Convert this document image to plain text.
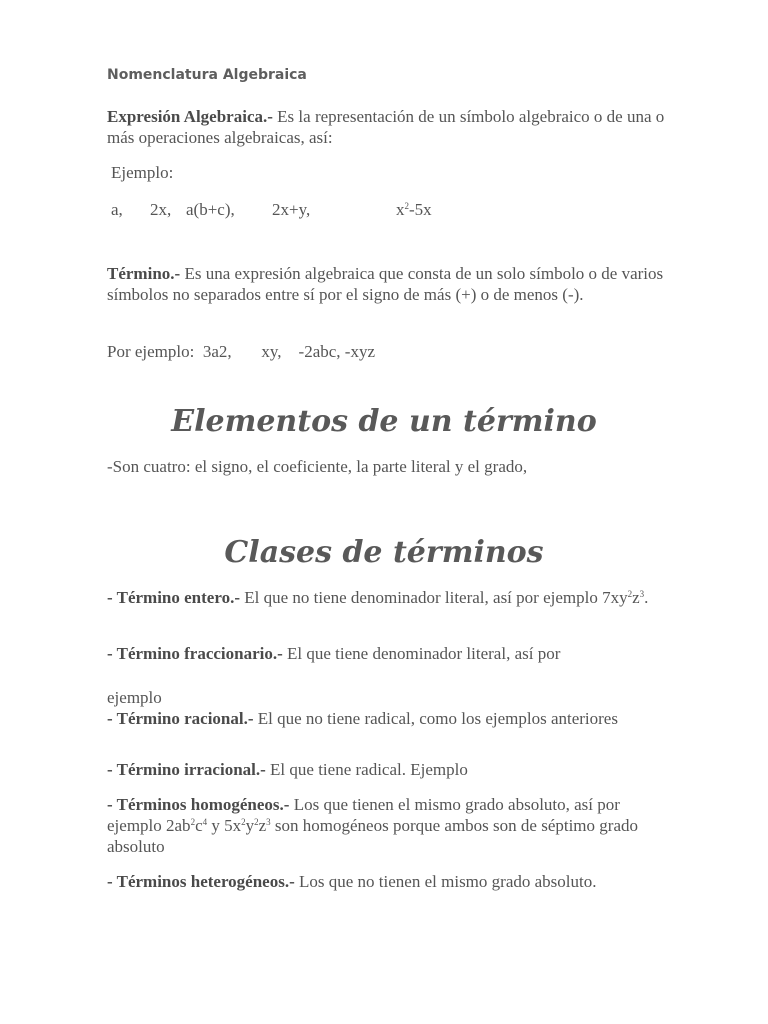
Nomenclatura Algebraica
Expresión Algebraica.- Es la representación de un símbolo algebraico o de una o más operaciones algebraicas, así:
Ejemplo:
a, 2x, a(b+c), 2x+y,	$x^2-5x$
Término.- Es una expresión algebraica que consta de un solo símbolo o de varios símbolos no separados entre sí por el signo de más (+) o de menos (-).
Por ejemplo:  3a2,       xy,    -2abc, -xyz
Elementos de un término
-Son cuatro: el signo, el coeficiente, la parte literal y el grado,
Clases de términos
- Término entero.- El que no tiene denominador literal, así por ejemplo $7xy^2z^3$.
- Término fraccionario.- El que tiene denominador literal, así por
ejemplo
- Término racional.- El que no tiene radical, como los ejemplos anteriores
- Término irracional.- El que tiene radical. Ejemplo
- Términos homogéneos.- Los que tienen el mismo grado absoluto, así por ejemplo $2ab^2c^4$ y $5x^2y^2z^3$ son homogéneos porque ambos son de séptimo grado absoluto
- Términos heterogéneos.- Los que no tienen el mismo grado absoluto.
